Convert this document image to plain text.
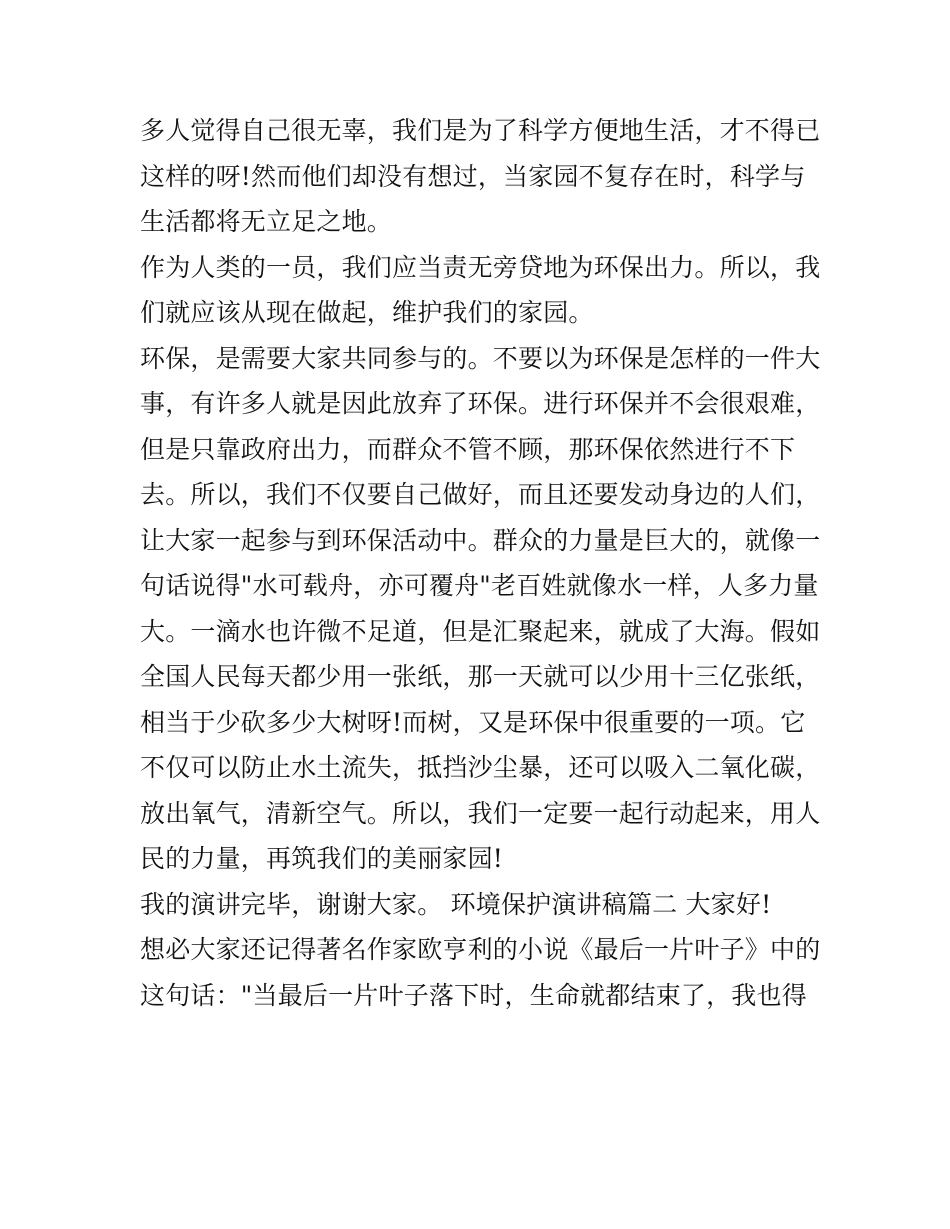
多人觉得自己很无辜，我们是为了科学方便地生活，才不得已
这样的呀!然而他们却没有想过，当家园不复存在时，科学与
生活都将无立足之地。
作为人类的一员，我们应当责无旁贷地为环保出力。所以，我
们就应该从现在做起，维护我们的家园。
环保，是需要大家共同参与的。不要以为环保是怎样的一件大
事，有许多人就是因此放弃了环保。进行环保并不会很艰难，
但是只靠政府出力，而群众不管不顾，那环保依然进行不下
去。所以，我们不仅要自己做好，而且还要发动身边的人们，
让大家一起参与到环保活动中。群众的力量是巨大的，就像一
句话说得"水可载舟，亦可覆舟"老百姓就像水一样，人多力量
大。一滴水也许微不足道，但是汇聚起来，就成了大海。假如
全国人民每天都少用一张纸，那一天就可以少用十三亿张纸，
相当于少砍多少大树呀!而树，又是环保中很重要的一项。它
不仅可以防止水土流失，抵挡沙尘暴，还可以吸入二氧化碳，
放出氧气，清新空气。所以，我们一定要一起行动起来，用人
民的力量，再筑我们的美丽家园!
我的演讲完毕，谢谢大家。 环境保护演讲稿篇二 大家好!
想必大家还记得著名作家欧亨利的小说《最后一片叶子》中的
这句话："当最后一片叶子落下时，生命就都结束了，我也得
